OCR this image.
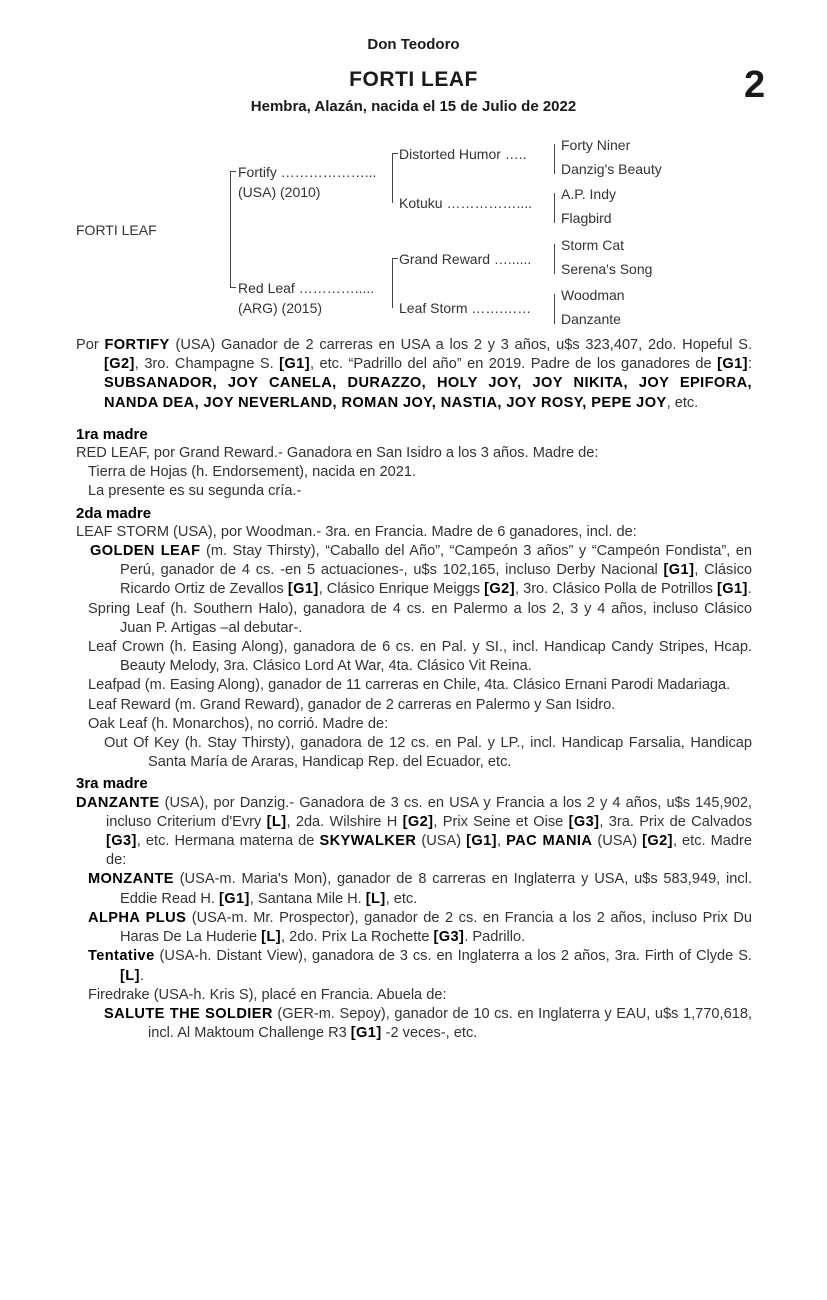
Don Teodoro
FORTI LEAF
Hembra, Alazán, nacida el 15 de Julio de 2022
2
FORTI LEAF
Fortify ………………...
(USA) (2010)
Red Leaf ………….....
(ARG) (2015)
Distorted Humor …..
Kotuku ……………....
Grand Reward …......
Leaf Storm …….……
Forty Niner
Danzig's Beauty
A.P. Indy
Flagbird
Storm Cat
Serena's Song
Woodman
Danzante

Por FORTIFY (USA) Ganador de 2 carreras en USA a los 2 y 3 años, u$s 323,407, 2do. Hopeful S. [G2], 3ro. Champagne S. [G1], etc. “Padrillo del año” en 2019. Padre de los ganadores de [G1]: SUBSANADOR, JOY CANELA, DURAZZO, HOLY JOY, JOY NIKITA, JOY EPIFORA, NANDA DEA, JOY NEVERLAND, ROMAN JOY, NASTIA, JOY ROSY, PEPE JOY, etc.

1ra madre

RED LEAF, por Grand Reward.- Ganadora en San Isidro a los 3 años. Madre de:

Tierra de Hojas (h. Endorsement), nacida en 2021.

La presente es su segunda cría.-

2da madre

LEAF STORM (USA), por Woodman.- 3ra. en Francia. Madre de 6 ganadores, incl. de:

GOLDEN LEAF (m. Stay Thirsty), “Caballo del Año”, “Campeón 3 años” y “Campeón Fondista”, en Perú, ganador de 4 cs. -en 5 actuaciones-, u$s 102,165, incluso Derby Nacional [G1], Clásico Ricardo Ortiz de Zevallos [G1], Clásico Enrique Meiggs [G2], 3ro. Clásico Polla de Potrillos [G1].

Spring Leaf (h. Southern Halo), ganadora de 4 cs. en Palermo a los 2, 3 y 4 años, incluso Clásico Juan P. Artigas –al debutar-.

Leaf Crown (h. Easing Along), ganadora de 6 cs. en Pal. y SI., incl. Handicap Candy Stripes, Hcap. Beauty Melody, 3ra. Clásico Lord At War, 4ta. Clásico Vit Reina.

Leafpad (m. Easing Along), ganador de 11 carreras en Chile, 4ta. Clásico Ernani Parodi Madariaga.

Leaf Reward (m. Grand Reward), ganador de 2 carreras en Palermo y San Isidro.

Oak Leaf (h. Monarchos), no corrió. Madre de:

Out Of Key (h. Stay Thirsty), ganadora de 12 cs. en Pal. y LP., incl. Handicap Farsalia, Handicap Santa María de Araras, Handicap Rep. del Ecuador, etc.

3ra madre

DANZANTE (USA), por Danzig.- Ganadora de 3 cs. en USA y Francia a los 2 y 4 años, u$s 145,902, incluso Criterium d'Evry [L], 2da. Wilshire H [G2], Prix Seine et Oise [G3], 3ra. Prix de Calvados [G3], etc. Hermana materna de SKYWALKER (USA) [G1], PAC MANIA (USA) [G2], etc. Madre de:

MONZANTE (USA-m. Maria's Mon), ganador de 8 carreras en Inglaterra y USA, u$s 583,949, incl. Eddie Read H. [G1], Santana Mile H. [L], etc.

ALPHA PLUS (USA-m. Mr. Prospector), ganador de 2 cs. en Francia a los 2 años, incluso Prix Du Haras De La Huderie [L], 2do. Prix La Rochette [G3]. Padrillo.

Tentative (USA-h. Distant View), ganadora de 3 cs. en Inglaterra a los 2 años, 3ra. Firth of Clyde S. [L].

Firedrake (USA-h. Kris S), placé en Francia. Abuela de:

SALUTE THE SOLDIER (GER-m. Sepoy), ganador de 10 cs. en Inglaterra y EAU, u$s 1,770,618, incl. Al Maktoum Challenge R3 [G1] -2 veces-, etc.
